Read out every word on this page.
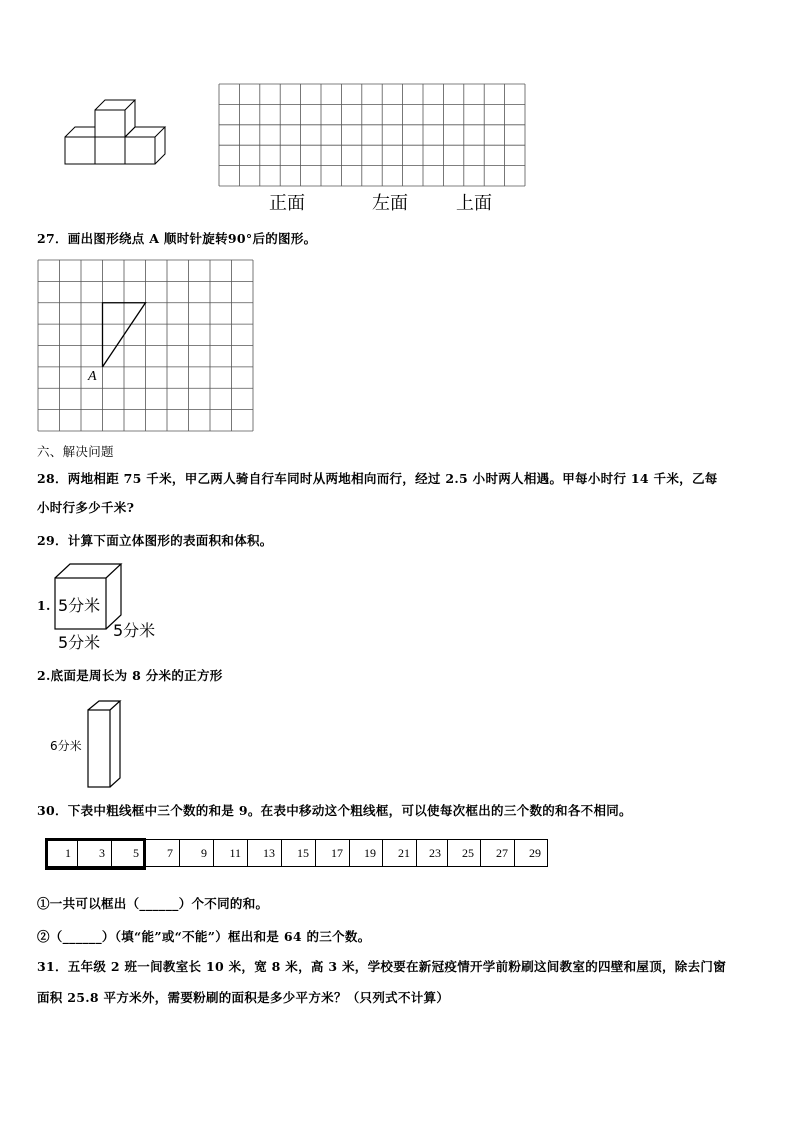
正面	左面	上面
27．画出图形绕点 A 顺时针旋转90°后的图形。
A
六、解决问题
28．两地相距 75 千米，甲乙两人骑自行车同时从两地相向而行，经过 2.5 小时两人相遇。甲每小时行 14 千米，乙每
小时行多少千米?
29．计算下面立体图形的表面积和体积。
1. 5分米
5分米
5分米
2.底面是周长为 8 分米的正方形
6分米
30．下表中粗线框中三个数的和是 9。在表中移动这个粗线框，可以使每次框出的三个数的和各不相同。
1	3	5	7	9	11	13	15	17	19	21	23	25	27	29
①一共可以框出（______）个不同的和。
②（______）（填“能”或“不能”）框出和是 64 的三个数。
31．五年级 2 班一间教室长 10 米，宽 8 米，高 3 米，学校要在新冠疫情开学前粉刷这间教室的四壁和屋顶，除去门窗
面积 25.8 平方米外，需要粉刷的面积是多少平方米？（只列式不计算）
